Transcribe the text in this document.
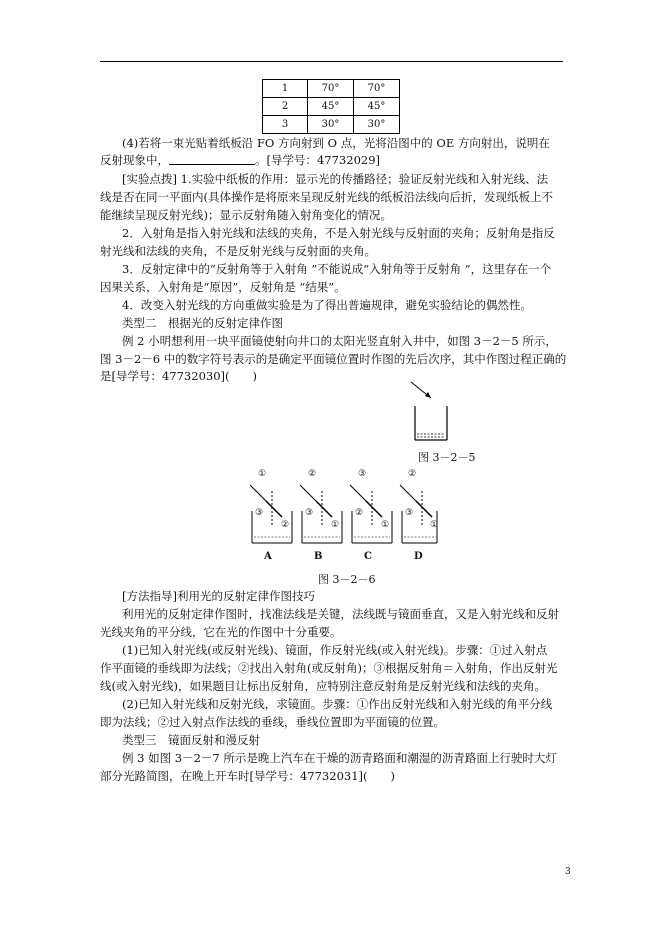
1	70°	70°
2	45°	45°
3	30°	30°
(4)若将一束光贴着纸板沿 FO 方向射到 O 点，光将沿图中的 OE 方向射出，说明在
反射现象中，	。[导学号：47732029]
[实验点拨] 1.实验中纸板的作用：显示光的传播路径；验证反射光线和入射光线、法
线是否在同一平面内(具体操作是将原来呈现反射光线的纸板沿法线向后折，发现纸板上不
能继续呈现反射光线)；显示反射角随入射角变化的情况。
2．入射角是指入射光线和法线的夹角，不是入射光线与反射面的夹角；反射角是指反
射光线和法线的夹角，不是反射光线与反射面的夹角。
3．反射定律中的“反射角等于入射角 ”不能说成“入射角等于反射角 ”，这里存在一个
因果关系，入射角是“原因”，反射角是 “结果”。
4．改变入射光线的方向重做实验是为了得出普遍规律，避免实验结论的偶然性。
类型二　根据光的反射定律作图
例 2 小明想利用一块平面镜使射向井口的太阳光竖直射入井中，如图 3－2－5 所示，
图 3－2－6 中的数字符号表示的是确定平面镜位置时作图的先后次序，其中作图过程正确的
是[导学号：47732030](　　)
图 3－2－5
①
③
②
A
②
③
①
B
③
②
①
C
②
③
①
D
图 3－2－6
[方法指导]利用光的反射定律作图技巧
利用光的反射定律作图时，找准法线是关键，法线既与镜面垂直，又是入射光线和反射
光线夹角的平分线，它在光的作图中十分重要。
(1)已知入射光线(或反射光线)、镜面，作反射光线(或入射光线)。步骤：①过入射点
作平面镜的垂线即为法线；②找出入射角(或反射角)；③根据反射角＝入射角，作出反射光
线(或入射光线)，如果题目让标出反射角，应特别注意反射角是反射光线和法线的夹角。
(2)已知入射光线和反射光线，求镜面。步骤：①作出反射光线和入射光线的角平分线
即为法线；②过入射点作法线的垂线，垂线位置即为平面镜的位置。
类型三　镜面反射和漫反射
例 3 如图 3－2－7 所示是晚上汽车在干燥的沥青路面和潮湿的沥青路面上行驶时大灯
部分光路简图，在晚上开车时[导学号：47732031](　　)
3
